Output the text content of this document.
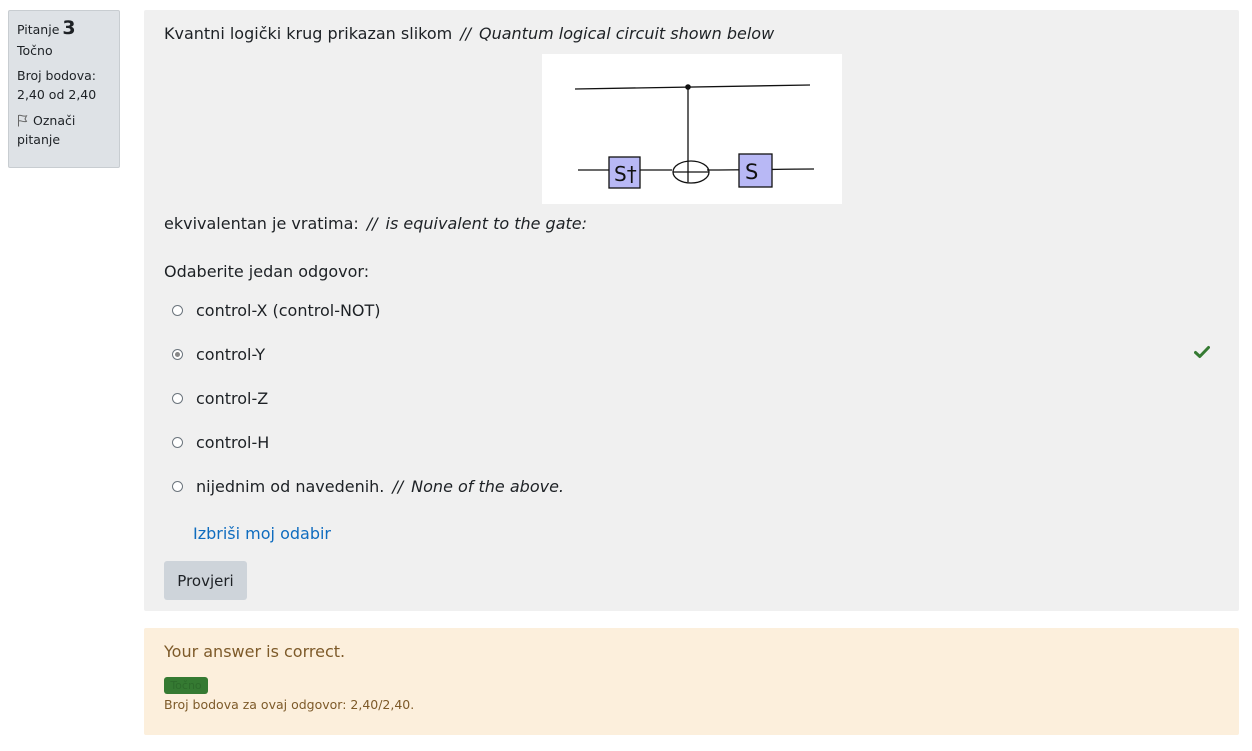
Pitanje 3
Točno
Broj bodova:
2,40 od 2,40
Označi
pitanje
Kvantni logički krug prikazan slikom // Quantum logical circuit shown below
S†	S
ekvivalentan je vratima: // is equivalent to the gate:
Odaberite jedan odgovor:
control-X (control-NOT)
control-Y
control-Z
control-H
nijednim od navedenih. // None of the above.
Izbriši moj odabir
Provjeri
Your answer is correct.
Točno
Broj bodova za ovaj odgovor: 2,40/2,40.
